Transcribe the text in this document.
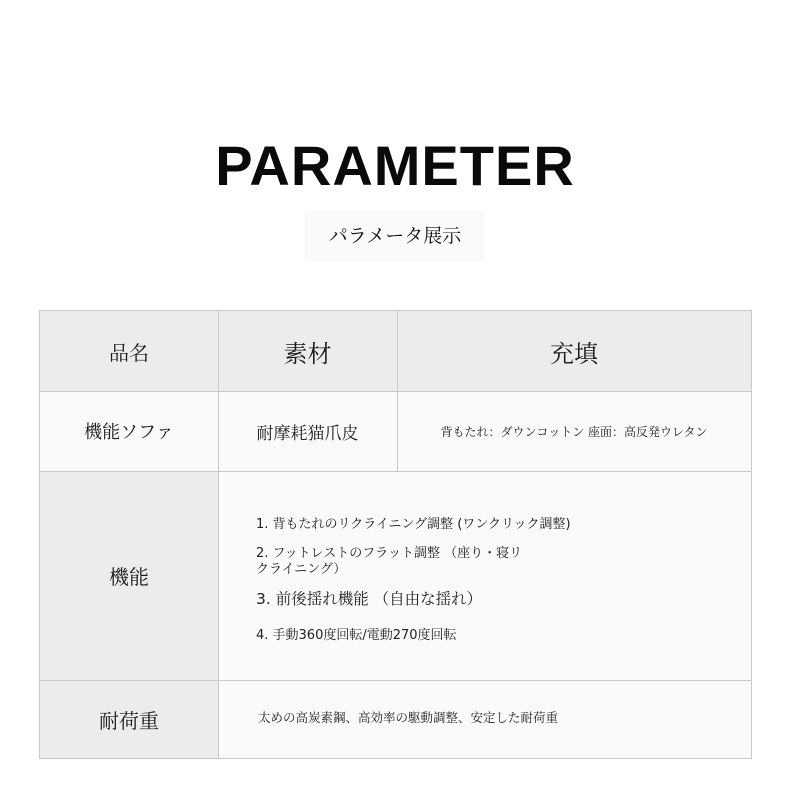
PARAMETER
パラメータ展示
品名	素材	充填
機能ソファ	耐摩耗猫爪皮	背もたれ：ダウンコットン 座面：高反発ウレタン
機能
1. 背もたれのリクライニング調整 (ワンクリック調整)
2. フットレストのフラット調整 （座り・寝リ
クライニング）
3. 前後揺れ機能 （自由な揺れ）
4. 手動360度回転/電動270度回転
耐荷重	太めの高炭素鋼、高効率の駆動調整、安定した耐荷重
